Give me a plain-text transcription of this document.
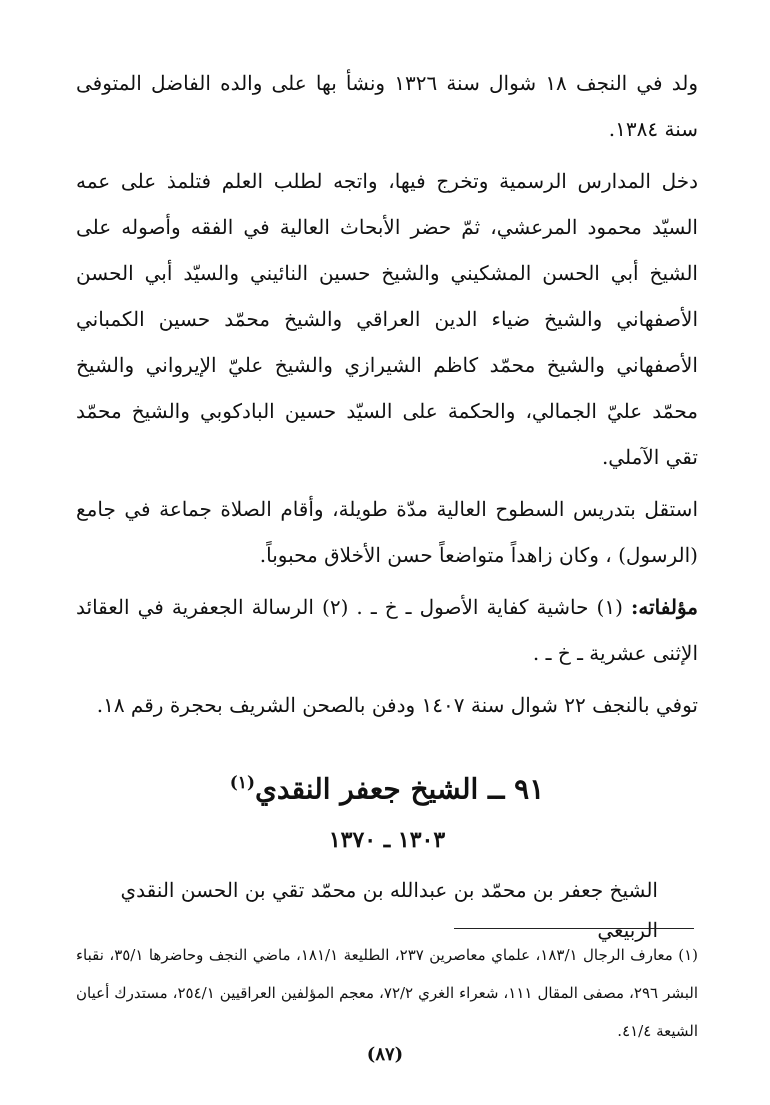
ولد في النجف ١٨ شوال سنة ١٣٢٦ ونشأ بها على والده الفاضل المتوفى سنة ١٣٨٤.

دخل المدارس الرسمية وتخرج فيها، واتجه لطلب العلم فتلمذ على عمه السيّد محمود المرعشي، ثمّ حضر الأبحاث العالية في الفقه وأصوله على الشيخ أبي الحسن المشكيني والشيخ حسين النائيني والسيّد أبي الحسن الأصفهاني والشيخ ضياء الدين العراقي والشيخ محمّد حسين الكمباني الأصفهاني والشيخ محمّد كاظم الشيرازي والشيخ عليّ الإيرواني والشيخ محمّد عليّ الجمالي، والحكمة على السيّد حسين البادكوبي والشيخ محمّد تقي الآملي.

استقل بتدريس السطوح العالية مدّة طويلة، وأقام الصلاة جماعة في جامع (الرسول) ، وكان زاهداً متواضعاً حسن الأخلاق محبوباً.

مؤلفاته: (١) حاشية كفاية الأصول ـ خ ـ . (٢) الرسالة الجعفرية في العقائد الإثنى عشرية ـ خ ـ .

توفي بالنجف ٢٢ شوال سنة ١٤٠٧ ودفن بالصحن الشريف بحجرة رقم ١٨.

٩١ ــ الشيخ جعفر النقدي$^{(١)}$
١٣٠٣ ـ ١٣٧٠

الشيخ جعفر بن محمّد بن عبدالله بن محمّد تقي بن الحسن النقدي الربيعي

(١) معارف الرجال ١٨٣/١، علماي معاصرين ٢٣٧، الطليعة ١٨١/١، ماضي النجف وحاضرها ٣٥/١، نقباء البشر ٢٩٦، مصفى المقال ١١١، شعراء الغري ٧٢/٢، معجم المؤلفين العراقيين ٢٥٤/١، مستدرك أعيان الشيعة ٤١/٤.
(٨٧)
